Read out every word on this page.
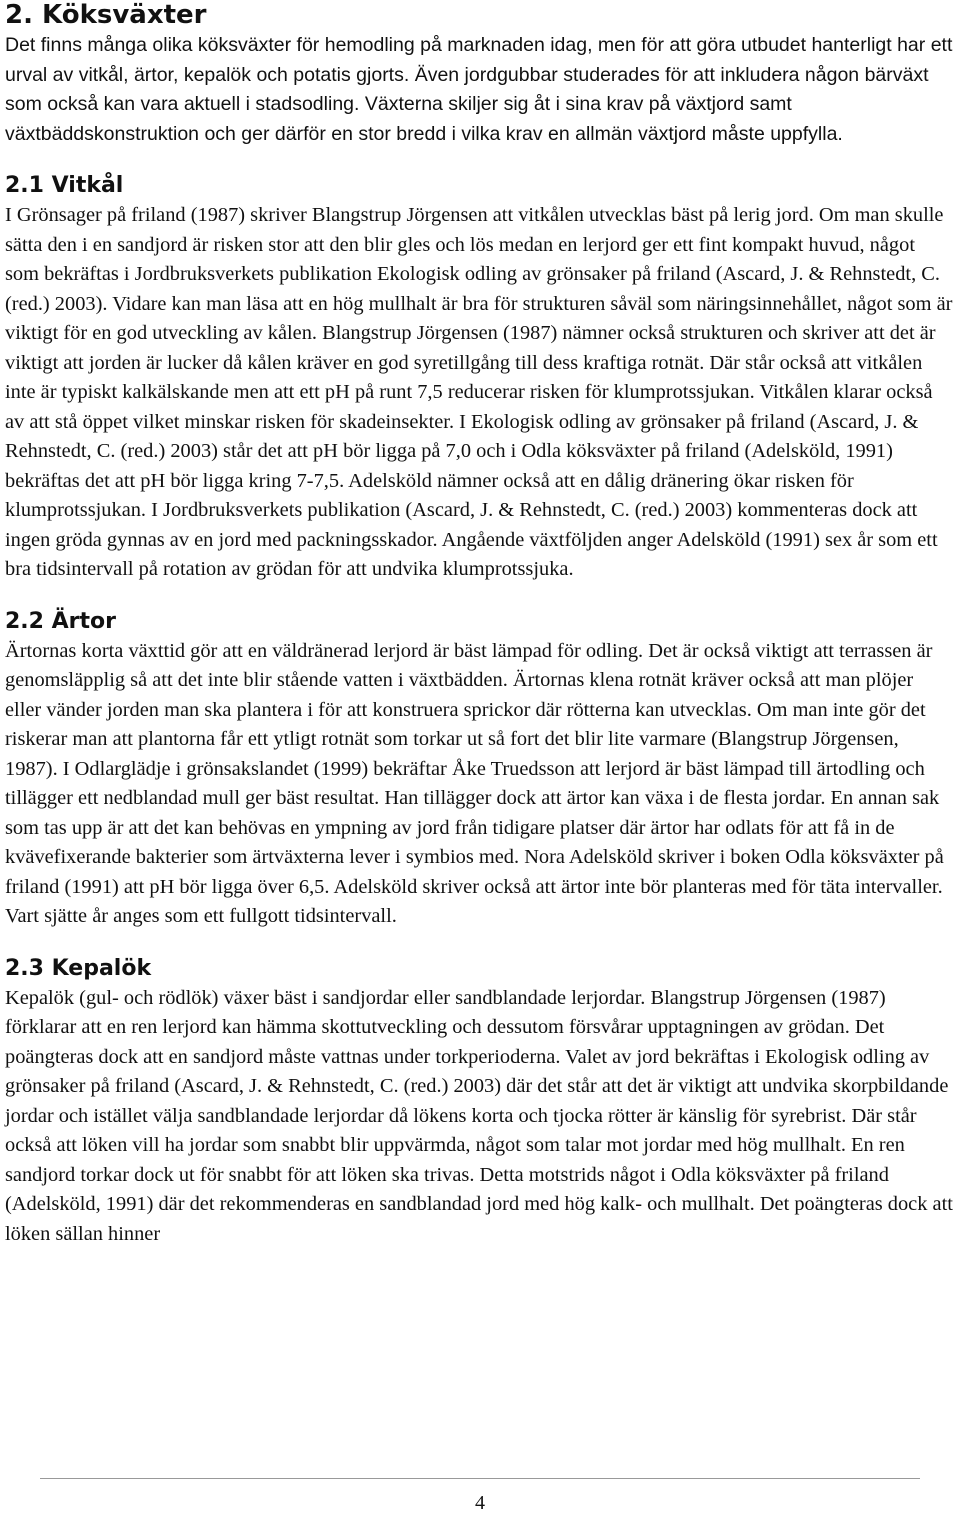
2. Köksväxter

Det finns många olika köksväxter för hemodling på marknaden idag, men för att göra utbudet hanterligt har ett urval av vitkål, ärtor, kepalök och potatis gjorts. Även jordgubbar studerades för att inkludera någon bärväxt som också kan vara aktuell i stadsodling. Växterna skiljer sig åt i sina krav på växtjord samt växtbäddskonstruktion och ger därför en stor bredd i vilka krav en allmän växtjord måste uppfylla.

2.1 Vitkål

I Grönsager på friland (1987) skriver Blangstrup Jörgensen att vitkålen utvecklas bäst på lerig jord. Om man skulle sätta den i en sandjord är risken stor att den blir gles och lös medan en lerjord ger ett fint kompakt huvud, något som bekräftas i Jordbruksverkets publikation Ekologisk odling av grönsaker på friland (Ascard, J. & Rehnstedt, C. (red.) 2003). Vidare kan man läsa att en hög mullhalt är bra för strukturen såväl som näringsinnehållet, något som är viktigt för en god utveckling av kålen. Blangstrup Jörgensen (1987) nämner också strukturen och skriver att det är viktigt att jorden är lucker då kålen kräver en god syretillgång till dess kraftiga rotnät. Där står också att vitkålen inte är typiskt kalkälskande men att ett pH på runt 7,5 reducerar risken för klumprotssjukan. Vitkålen klarar också av att stå öppet vilket minskar risken för skadeinsekter. I Ekologisk odling av grönsaker på friland (Ascard, J. & Rehnstedt, C. (red.) 2003) står det att pH bör ligga på 7,0 och i Odla köksväxter på friland (Adelsköld, 1991) bekräftas det att pH bör ligga kring 7-7,5. Adelsköld nämner också att en dålig dränering ökar risken för klumprotssjukan. I Jordbruksverkets publikation (Ascard, J. & Rehnstedt, C. (red.) 2003) kommenteras dock att ingen gröda gynnas av en jord med packningsskador. Angående växtföljden anger Adelsköld (1991) sex år som ett bra tidsintervall på rotation av grödan för att undvika klumprotssjuka.

2.2 Ärtor

Ärtornas korta växttid gör att en väldränerad lerjord är bäst lämpad för odling. Det är också viktigt att terrassen är genomsläpplig så att det inte blir stående vatten i växtbädden. Ärtornas klena rotnät kräver också att man plöjer eller vänder jorden man ska plantera i för att konstruera sprickor där rötterna kan utvecklas. Om man inte gör det riskerar man att plantorna får ett ytligt rotnät som torkar ut så fort det blir lite varmare (Blangstrup Jörgensen, 1987). I Odlarglädje i grönsakslandet (1999) bekräftar Åke Truedsson att lerjord är bäst lämpad till ärtodling och tillägger ett nedblandad mull ger bäst resultat. Han tillägger dock att ärtor kan växa i de flesta jordar. En annan sak som tas upp är att det kan behövas en ympning av jord från tidigare platser där ärtor har odlats för att få in de kvävefixerande bakterier som ärtväxterna lever i symbios med. Nora Adelsköld skriver i boken Odla köksväxter på friland (1991) att pH bör ligga över 6,5. Adelsköld skriver också att ärtor inte bör planteras med för täta intervaller. Vart sjätte år anges som ett fullgott tidsintervall.

2.3 Kepalök

Kepalök (gul- och rödlök) växer bäst i sandjordar eller sandblandade lerjordar. Blangstrup Jörgensen (1987) förklarar att en ren lerjord kan hämma skottutveckling och dessutom försvårar upptagningen av grödan. Det poängteras dock att en sandjord måste vattnas under torkperioderna. Valet av jord bekräftas i Ekologisk odling av grönsaker på friland (Ascard, J. & Rehnstedt, C. (red.) 2003) där det står att det är viktigt att undvika skorpbildande jordar och istället välja sandblandade lerjordar då lökens korta och tjocka rötter är känslig för syrebrist. Där står också att löken vill ha jordar som snabbt blir uppvärmda, något som talar mot jordar med hög mullhalt. En ren sandjord torkar dock ut för snabbt för att löken ska trivas. Detta motstrids något i Odla köksväxter på friland (Adelsköld, 1991) där det rekommenderas en sandblandad jord med hög kalk- och mullhalt. Det poängteras dock att löken sällan hinner

4
